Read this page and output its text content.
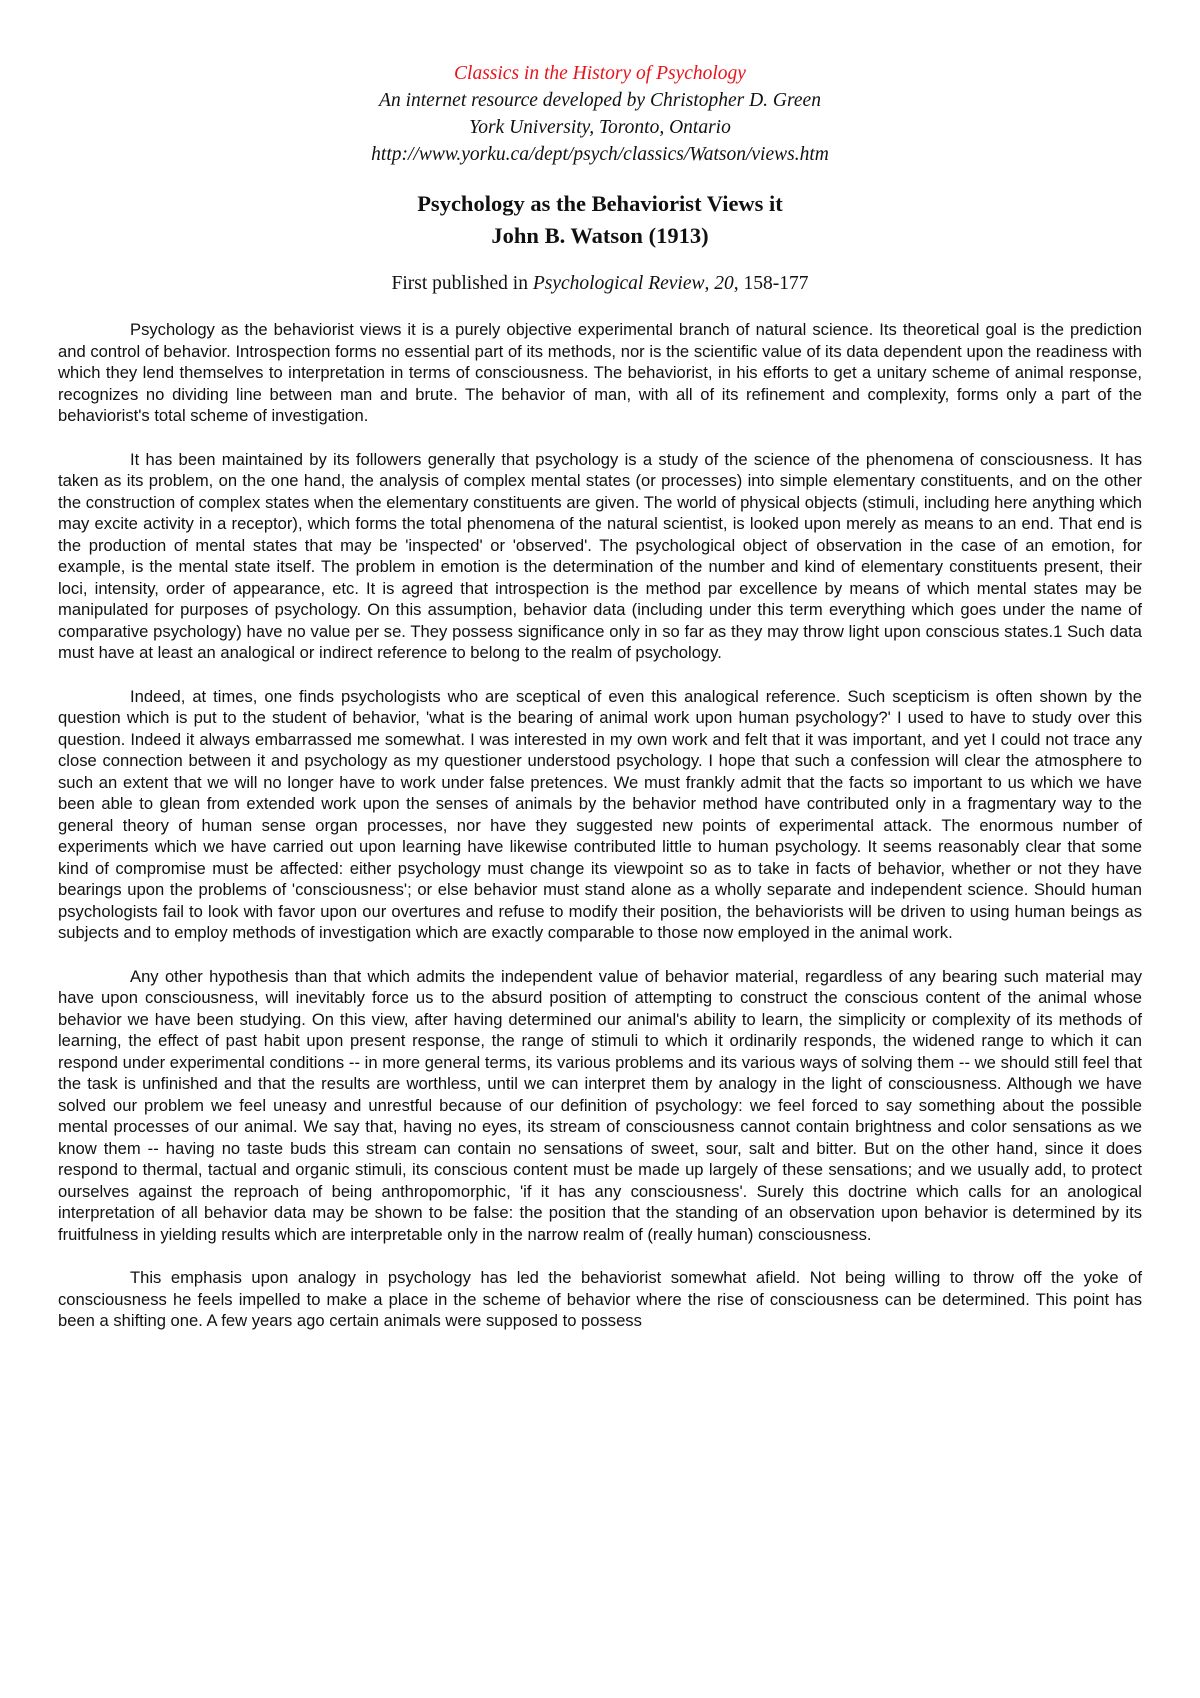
Classics in the History of Psychology
An internet resource developed by Christopher D. Green
York University, Toronto, Ontario
http://www.yorku.ca/dept/psych/classics/Watson/views.htm
Psychology as the Behaviorist Views it
John B. Watson (1913)
First published in Psychological Review, 20, 158-177

Psychology as the behaviorist views it is a purely objective experimental branch of natural science. Its theoretical goal is the prediction and control of behavior. Introspection forms no essential part of its methods, nor is the scientific value of its data dependent upon the readiness with which they lend themselves to interpretation in terms of consciousness. The behaviorist, in his efforts to get a unitary scheme of animal response, recognizes no dividing line between man and brute. The behavior of man, with all of its refinement and complexity, forms only a part of the behaviorist's total scheme of investigation.

It has been maintained by its followers generally that psychology is a study of the science of the phenomena of consciousness. It has taken as its problem, on the one hand, the analysis of complex mental states (or processes) into simple elementary constituents, and on the other the construction of complex states when the elementary constituents are given. The world of physical objects (stimuli, including here anything which may excite activity in a receptor), which forms the total phenomena of the natural scientist, is looked upon merely as means to an end. That end is the production of mental states that may be 'inspected' or 'observed'. The psychological object of observation in the case of an emotion, for example, is the mental state itself. The problem in emotion is the determination of the number and kind of elementary constituents present, their loci, intensity, order of appearance, etc. It is agreed that introspection is the method par excellence by means of which mental states may be manipulated for purposes of psychology. On this assumption, behavior data (including under this term everything which goes under the name of comparative psychology) have no value per se. They possess significance only in so far as they may throw light upon conscious states.1 Such data must have at least an analogical or indirect reference to belong to the realm of psychology.

Indeed, at times, one finds psychologists who are sceptical of even this analogical reference. Such scepticism is often shown by the question which is put to the student of behavior, 'what is the bearing of animal work upon human psychology?' I used to have to study over this question. Indeed it always embarrassed me somewhat. I was interested in my own work and felt that it was important, and yet I could not trace any close connection between it and psychology as my questioner understood psychology. I hope that such a confession will clear the atmosphere to such an extent that we will no longer have to work under false pretences. We must frankly admit that the facts so important to us which we have been able to glean from extended work upon the senses of animals by the behavior method have contributed only in a fragmentary way to the general theory of human sense organ processes, nor have they suggested new points of experimental attack. The enormous number of experiments which we have carried out upon learning have likewise contributed little to human psychology. It seems reasonably clear that some kind of compromise must be affected: either psychology must change its viewpoint so as to take in facts of behavior, whether or not they have bearings upon the problems of 'consciousness'; or else behavior must stand alone as a wholly separate and independent science. Should human psychologists fail to look with favor upon our overtures and refuse to modify their position, the behaviorists will be driven to using human beings as subjects and to employ methods of investigation which are exactly comparable to those now employed in the animal work.

Any other hypothesis than that which admits the independent value of behavior material, regardless of any bearing such material may have upon consciousness, will inevitably force us to the absurd position of attempting to construct the conscious content of the animal whose behavior we have been studying. On this view, after having determined our animal's ability to learn, the simplicity or complexity of its methods of learning, the effect of past habit upon present response, the range of stimuli to which it ordinarily responds, the widened range to which it can respond under experimental conditions -- in more general terms, its various problems and its various ways of solving them -- we should still feel that the task is unfinished and that the results are worthless, until we can interpret them by analogy in the light of consciousness. Although we have solved our problem we feel uneasy and unrestful because of our definition of psychology: we feel forced to say something about the possible mental processes of our animal. We say that, having no eyes, its stream of consciousness cannot contain brightness and color sensations as we know them -- having no taste buds this stream can contain no sensations of sweet, sour, salt and bitter. But on the other hand, since it does respond to thermal, tactual and organic stimuli, its conscious content must be made up largely of these sensations; and we usually add, to protect ourselves against the reproach of being anthropomorphic, 'if it has any consciousness'. Surely this doctrine which calls for an anological interpretation of all behavior data may be shown to be false: the position that the standing of an observation upon behavior is determined by its fruitfulness in yielding results which are interpretable only in the narrow realm of (really human) consciousness.

This emphasis upon analogy in psychology has led the behaviorist somewhat afield. Not being willing to throw off the yoke of consciousness he feels impelled to make a place in the scheme of behavior where the rise of consciousness can be determined. This point has been a shifting one. A few years ago certain animals were supposed to possess
